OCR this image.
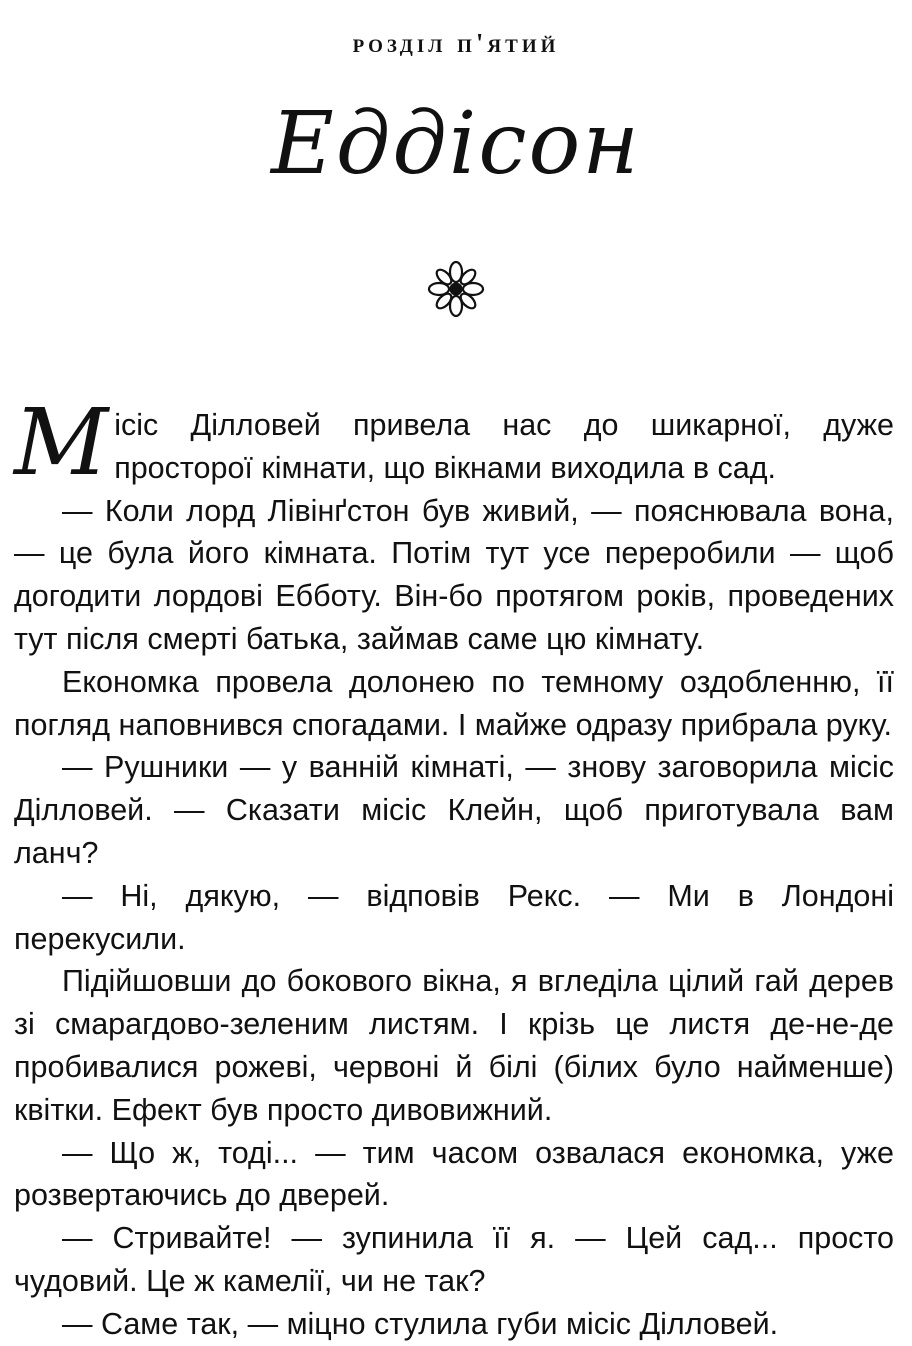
розділ п'ятий
Еддісон

Місіс Ділловей привела нас до шикарної, дуже просторої кімнати, що вікнами виходила в сад.

— Коли лорд Лівінґстон був живий, — пояснювала вона, — це була його кімната. Потім тут усе переробили — щоб догодити лордові Ебботу. Він-бо протягом років, проведених тут після смерті батька, займав саме цю кімнату.

Економка провела долонею по темному оздобленню, її погляд наповнився спогадами. І майже одразу прибрала руку.

— Рушники — у ванній кімнаті, — знову заговорила місіс Ділловей. — Сказати місіс Клейн, щоб приготувала вам ланч?

— Ні, дякую, — відповів Рекс. — Ми в Лондоні перекусили.

Підійшовши до бокового вікна, я вгледіла цілий гай дерев зі смарагдово-зеленим листям. І крізь це листя де-не-де пробивалися рожеві, червоні й білі (білих було найменше) квітки. Ефект був просто дивовижний.

— Що ж, тоді... — тим часом озвалася економка, уже розвертаючись до дверей.

— Стривайте! — зупинила її я. — Цей сад... просто чудовий. Це ж камелії, чи не так?

— Саме так, — міцно стулила губи місіс Ділловей.
